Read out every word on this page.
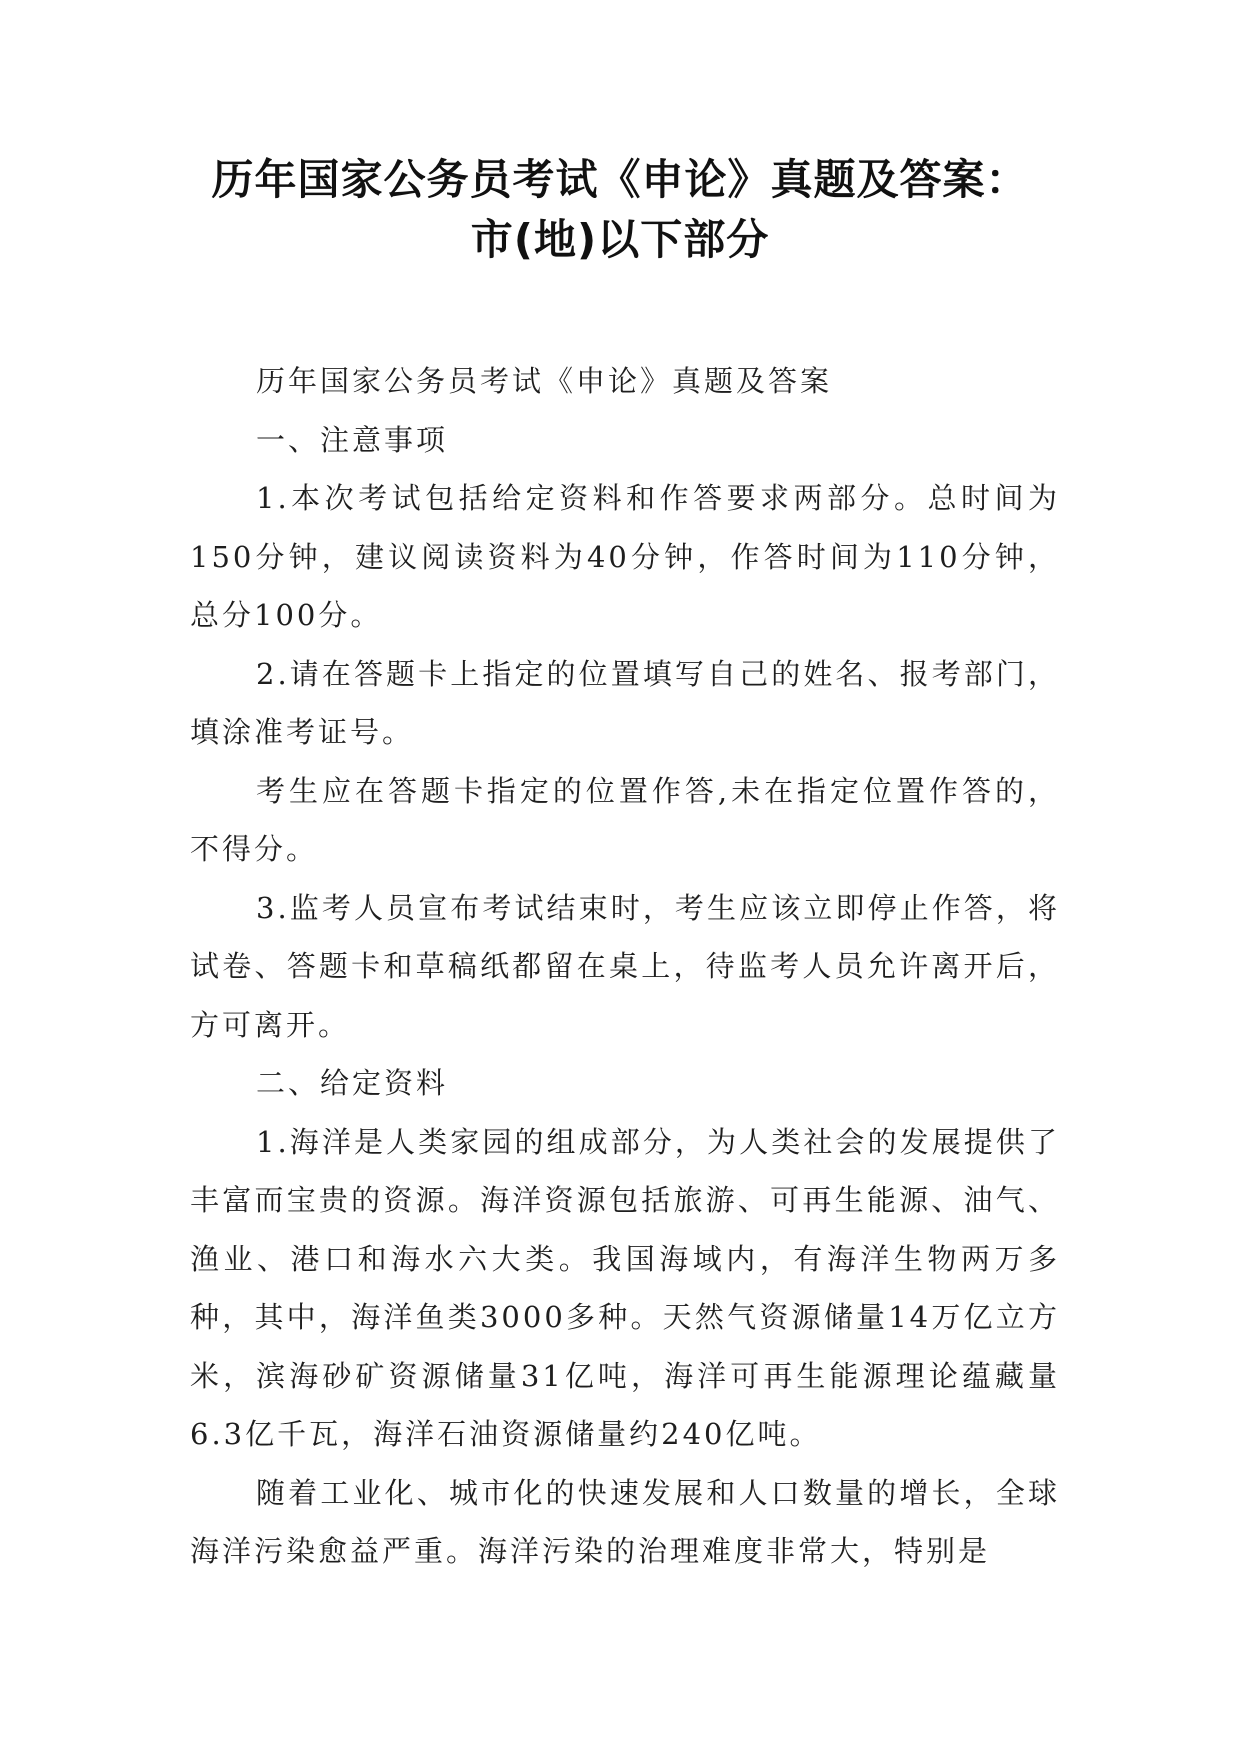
历年国家公务员考试《申论》真题及答案：
市(地)以下部分

历年国家公务员考试《申论》真题及答案

一、注意事项

1.本次考试包括给定资料和作答要求两部分。总时间为150分钟，建议阅读资料为40分钟，作答时间为110分钟，总分100分。

2.请在答题卡上指定的位置填写自己的姓名、报考部门，填涂准考证号。

考生应在答题卡指定的位置作答,未在指定位置作答的，不得分。

3.监考人员宣布考试结束时，考生应该立即停止作答，将试卷、答题卡和草稿纸都留在桌上，待监考人员允许离开后，方可离开。

二、给定资料

1.海洋是人类家园的组成部分，为人类社会的发展提供了丰富而宝贵的资源。海洋资源包括旅游、可再生能源、油气、渔业、港口和海水六大类。我国海域内，有海洋生物两万多种，其中，海洋鱼类3000多种。天然气资源储量14万亿立方米，滨海砂矿资源储量31亿吨，海洋可再生能源理论蕴藏量6.3亿千瓦，海洋石油资源储量约240亿吨。

随着工业化、城市化的快速发展和人口数量的增长，全球海洋污染愈益严重。海洋污染的治理难度非常大，特别是
